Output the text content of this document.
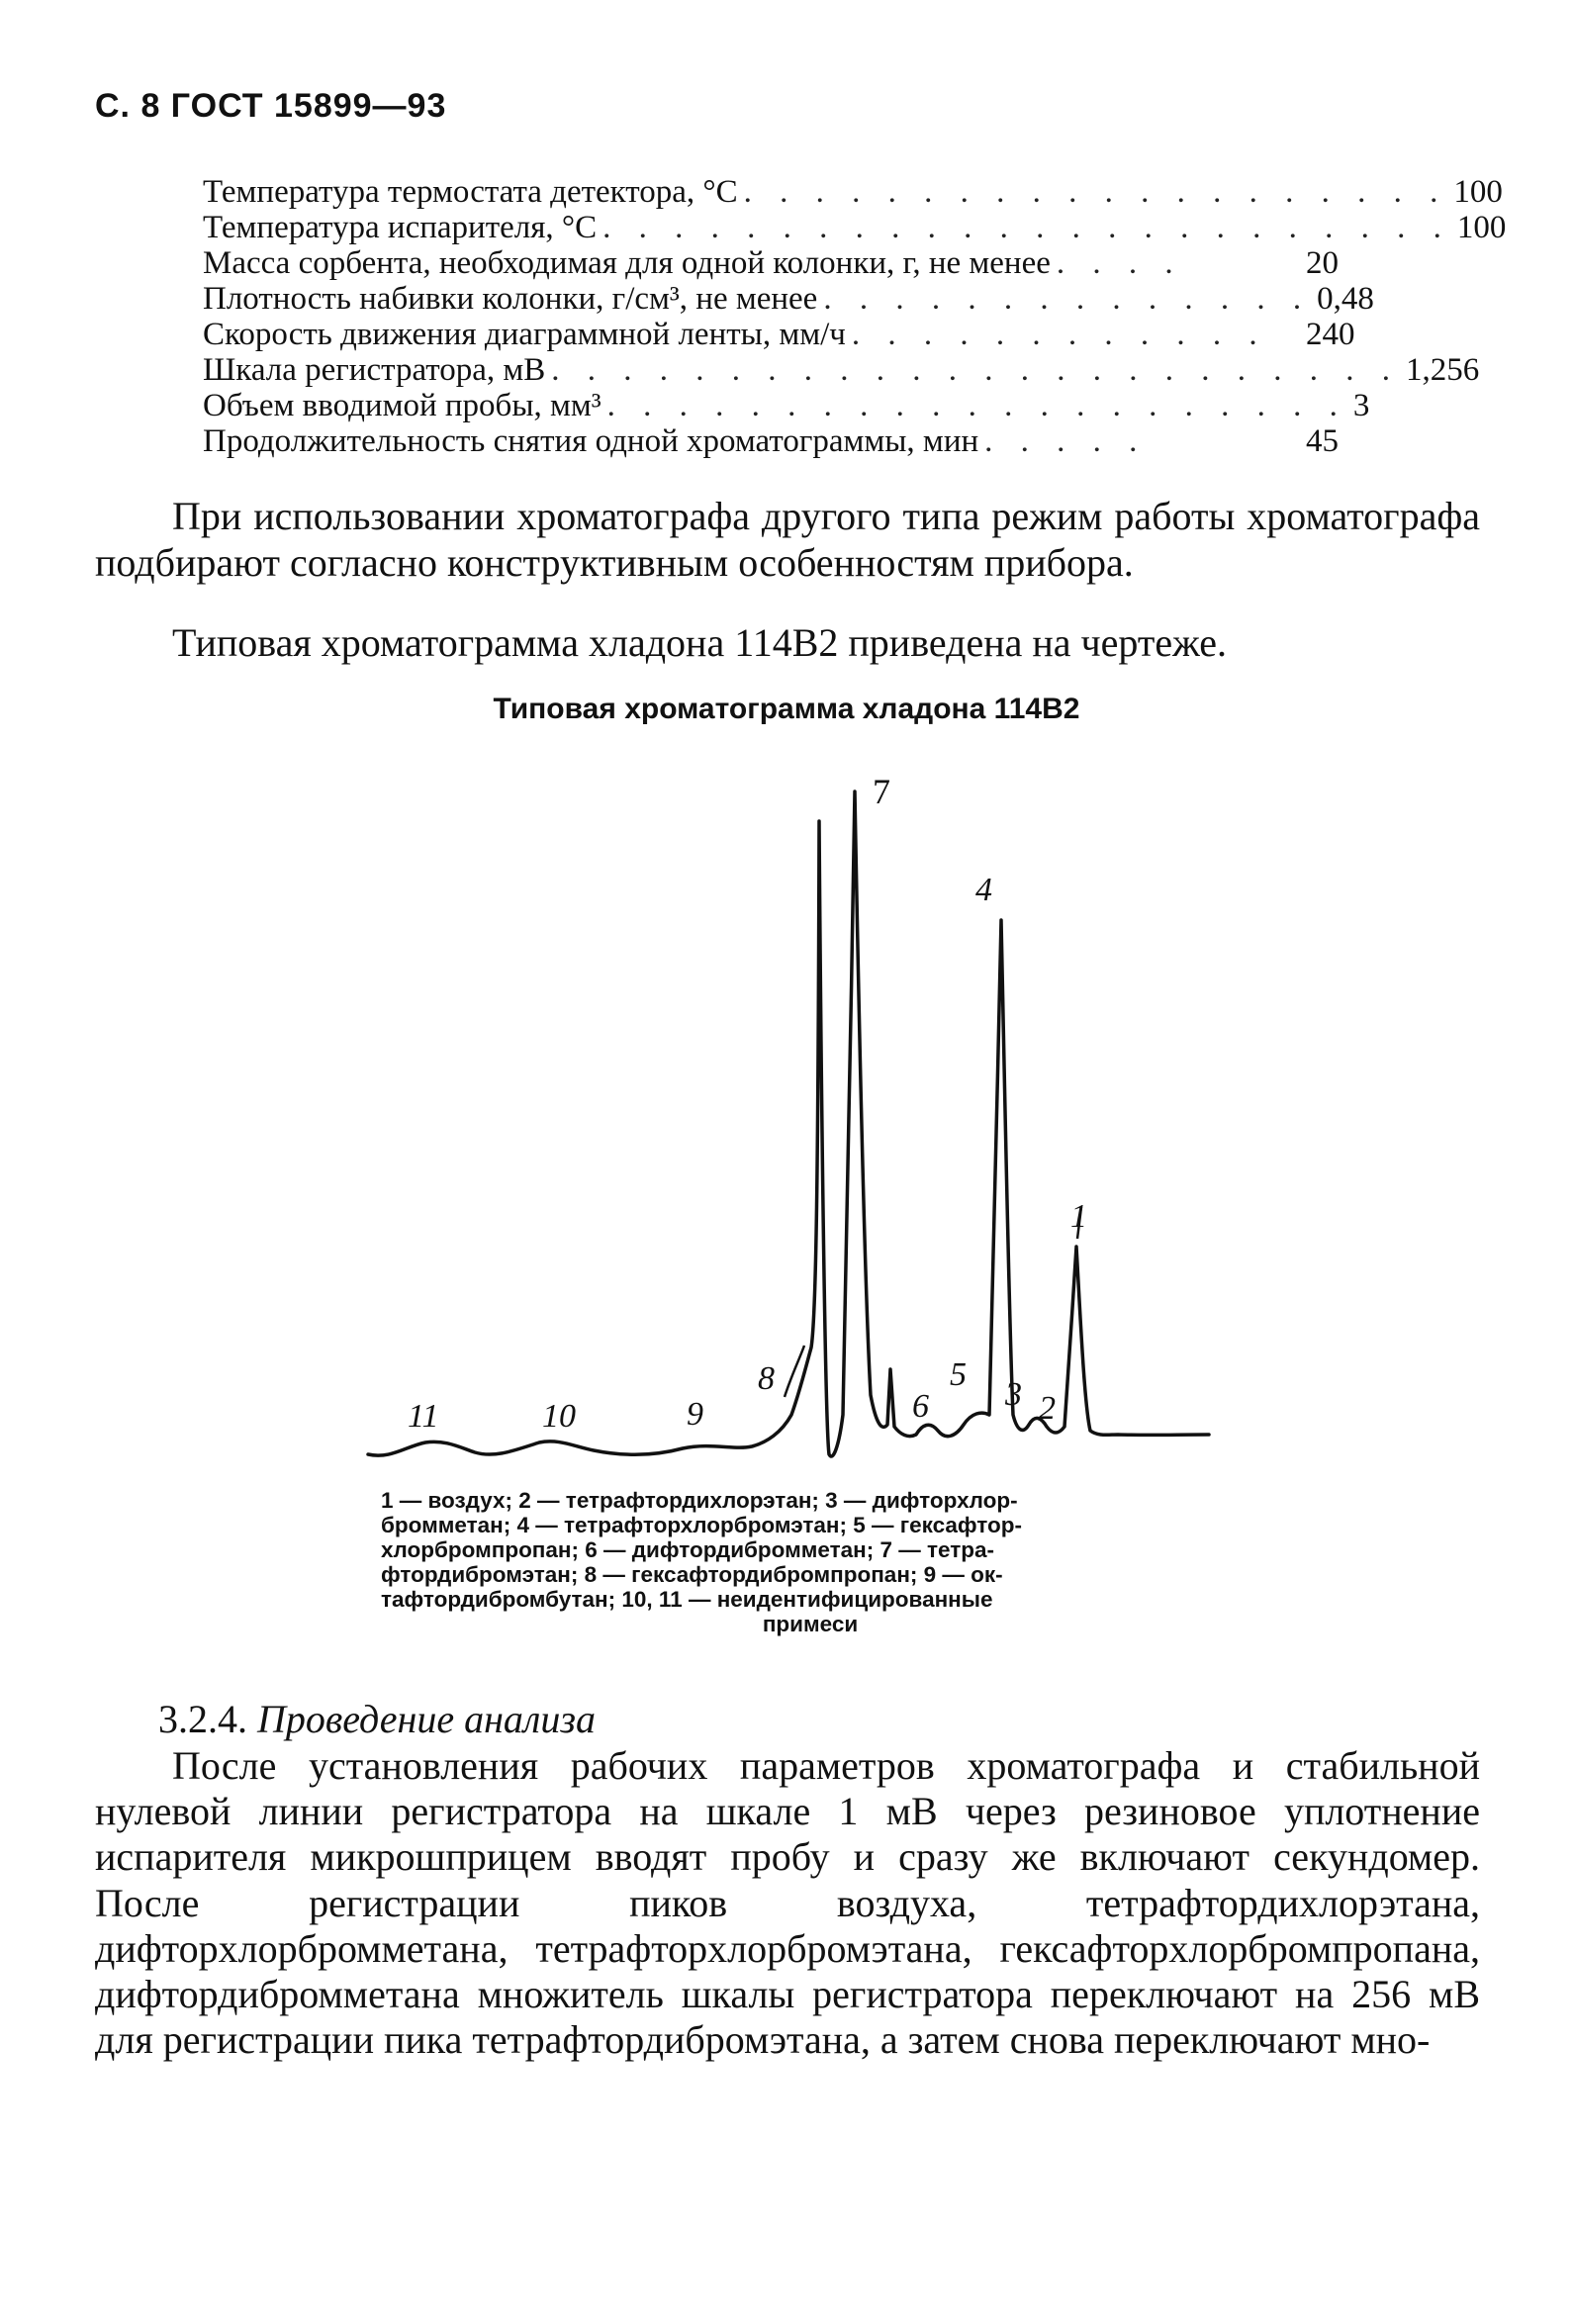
С. 8 ГОСТ 15899—93
Температура термостата детектора, °С . . . . . . . . . . . . . . . . . . . . 100
Температура испарителя, °С . . . . . . . . . . . . . . . . . . . . . . . . 100
Масса сорбента, необходимая для одной колонки, г, не менее . . . .	20
Плотность набивки колонки, г/см³, не менее . . . . . . . . . . . . . . 0,48
Скорость движения диаграммной ленты, мм/ч . . . . . . . . . . . .	240
Шкала регистратора, мВ . . . . . . . . . . . . . . . . . . . . . . . . 1,256
Объем вводимой пробы, мм³ . . . . . . . . . . . . . . . . . . . . . 3
Продолжительность снятия одной хроматограммы, мин . . . . .	45

При использовании хроматографа другого типа режим работы хроматографа подбирают согласно конструктивным особенностям прибора.

Типовая хроматограмма хладона 114В2 приведена на чертеже.

Типовая хроматограмма хладона 114В2
11	10	9
8
7
6
5
4
3 2
1

1 — воздух; 2 — тетрафтордихлорэтан; 3 — дифторхлор-

бромметан; 4 — тетрафторхлорбромэтан; 5 — гексафтор-

хлорбромпропан; 6 — дифтордибромметан; 7 — тетра-

фтордибромэтан; 8 — гексафтордибромпропан; 9 — ок-

тафтордибромбутан; 10, 11 — неидентифицированные

примеси

3.2.4. Проведение анализа

После установления рабочих параметров хроматографа и стабильной нулевой линии регистратора на шкале 1 мВ через резиновое уплотнение испарителя микрошприцем вводят пробу и сразу же включают секундомер. После регистрации пиков воздуха, тетрафтордихлорэтана, дифторхлорбромметана, тетрафторхлорбромэтана, гексафторхлорбромпропана, дифтордибромметана множитель шкалы регистратора переключают на 256 мВ для регистрации пика тетрафтордибромэтана, а затем снова переключают мно-
